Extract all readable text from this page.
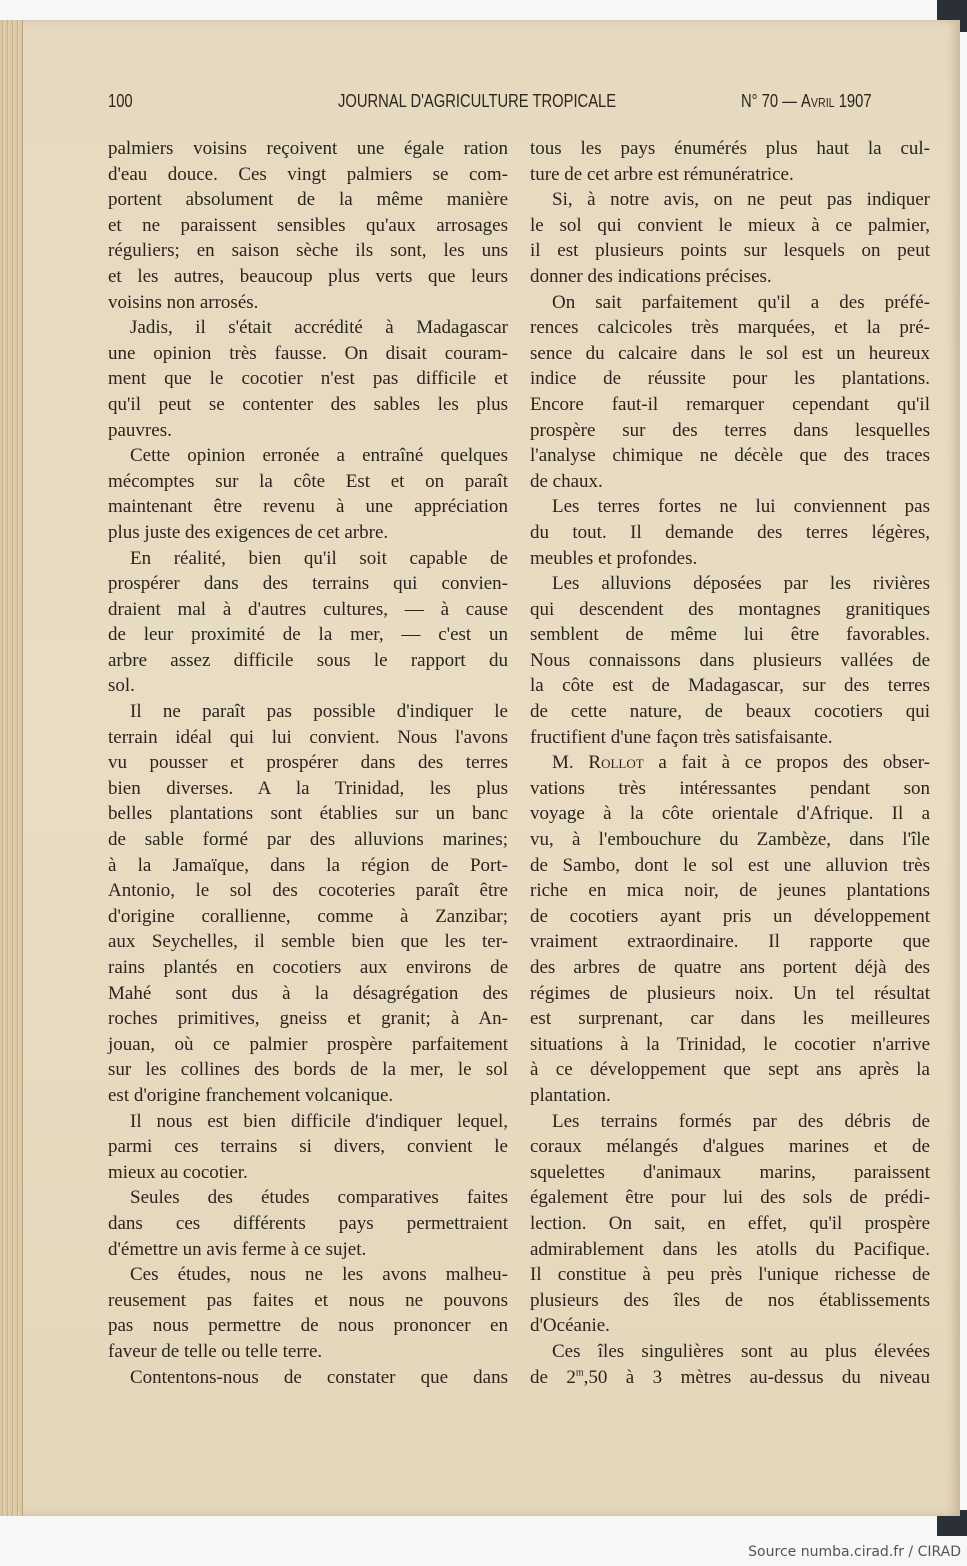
100	JOURNAL D'AGRICULTURE TROPICALE	N° 70 — Avril 1907
palmiers voisins reçoivent une égale ration
d'eau douce. Ces vingt palmiers se com-
portent absolument de la même manière
et ne paraissent sensibles qu'aux arrosages
réguliers; en saison sèche ils sont, les uns
et les autres, beaucoup plus verts que leurs
voisins non arrosés.
Jadis, il s'était accrédité à Madagascar
une opinion très fausse. On disait couram-
ment que le cocotier n'est pas difficile et
qu'il peut se contenter des sables les plus
pauvres.
Cette opinion erronée a entraîné quelques
mécomptes sur la côte Est et on paraît
maintenant être revenu à une appréciation
plus juste des exigences de cet arbre.
En réalité, bien qu'il soit capable de
prospérer dans des terrains qui convien-
draient mal à d'autres cultures, — à cause
de leur proximité de la mer, — c'est un
arbre assez difficile sous le rapport du
sol.
Il ne paraît pas possible d'indiquer le
terrain idéal qui lui convient. Nous l'avons
vu pousser et prospérer dans des terres
bien diverses. A la Trinidad, les plus
belles plantations sont établies sur un banc
de sable formé par des alluvions marines;
à la Jamaïque, dans la région de Port-
Antonio, le sol des cocoteries paraît être
d'origine corallienne, comme à Zanzibar;
aux Seychelles, il semble bien que les ter-
rains plantés en cocotiers aux environs de
Mahé sont dus à la désagrégation des
roches primitives, gneiss et granit; à An-
jouan, où ce palmier prospère parfaitement
sur les collines des bords de la mer, le sol
est d'origine franchement volcanique.
Il nous est bien difficile d'indiquer lequel,
parmi ces terrains si divers, convient le
mieux au cocotier.
Seules des études comparatives faites
dans ces différents pays permettraient
d'émettre un avis ferme à ce sujet.
Ces études, nous ne les avons malheu-
reusement pas faites et nous ne pouvons
pas nous permettre de nous prononcer en
faveur de telle ou telle terre.
Contentons-nous de constater que dans
tous les pays énumérés plus haut la cul-
ture de cet arbre est rémunératrice.
Si, à notre avis, on ne peut pas indiquer
le sol qui convient le mieux à ce palmier,
il est plusieurs points sur lesquels on peut
donner des indications précises.
On sait parfaitement qu'il a des préfé-
rences calcicoles très marquées, et la pré-
sence du calcaire dans le sol est un heureux
indice de réussite pour les plantations.
Encore faut-il remarquer cependant qu'il
prospère sur des terres dans lesquelles
l'analyse chimique ne décèle que des traces
de chaux.
Les terres fortes ne lui conviennent pas
du tout. Il demande des terres légères,
meubles et profondes.
Les alluvions déposées par les rivières
qui descendent des montagnes granitiques
semblent de même lui être favorables.
Nous connaissons dans plusieurs vallées de
la côte est de Madagascar, sur des terres
de cette nature, de beaux cocotiers qui
fructifient d'une façon très satisfaisante.
M. Rollot a fait à ce propos des obser-
vations très intéressantes pendant son
voyage à la côte orientale d'Afrique. Il a
vu, à l'embouchure du Zambèze, dans l'île
de Sambo, dont le sol est une alluvion très
riche en mica noir, de jeunes plantations
de cocotiers ayant pris un développement
vraiment extraordinaire. Il rapporte que
des arbres de quatre ans portent déjà des
régimes de plusieurs noix. Un tel résultat
est surprenant, car dans les meilleures
situations à la Trinidad, le cocotier n'arrive
à ce développement que sept ans après la
plantation.
Les terrains formés par des débris de
coraux mélangés d'algues marines et de
squelettes d'animaux marins, paraissent
également être pour lui des sols de prédi-
lection. On sait, en effet, qu'il prospère
admirablement dans les atolls du Pacifique.
Il constitue à peu près l'unique richesse de
plusieurs des îles de nos établissements
d'Océanie.
Ces îles singulières sont au plus élevées
de 2$^m$,50 à 3 mètres au-dessus du niveau
Source numba.cirad.fr / CIRAD
